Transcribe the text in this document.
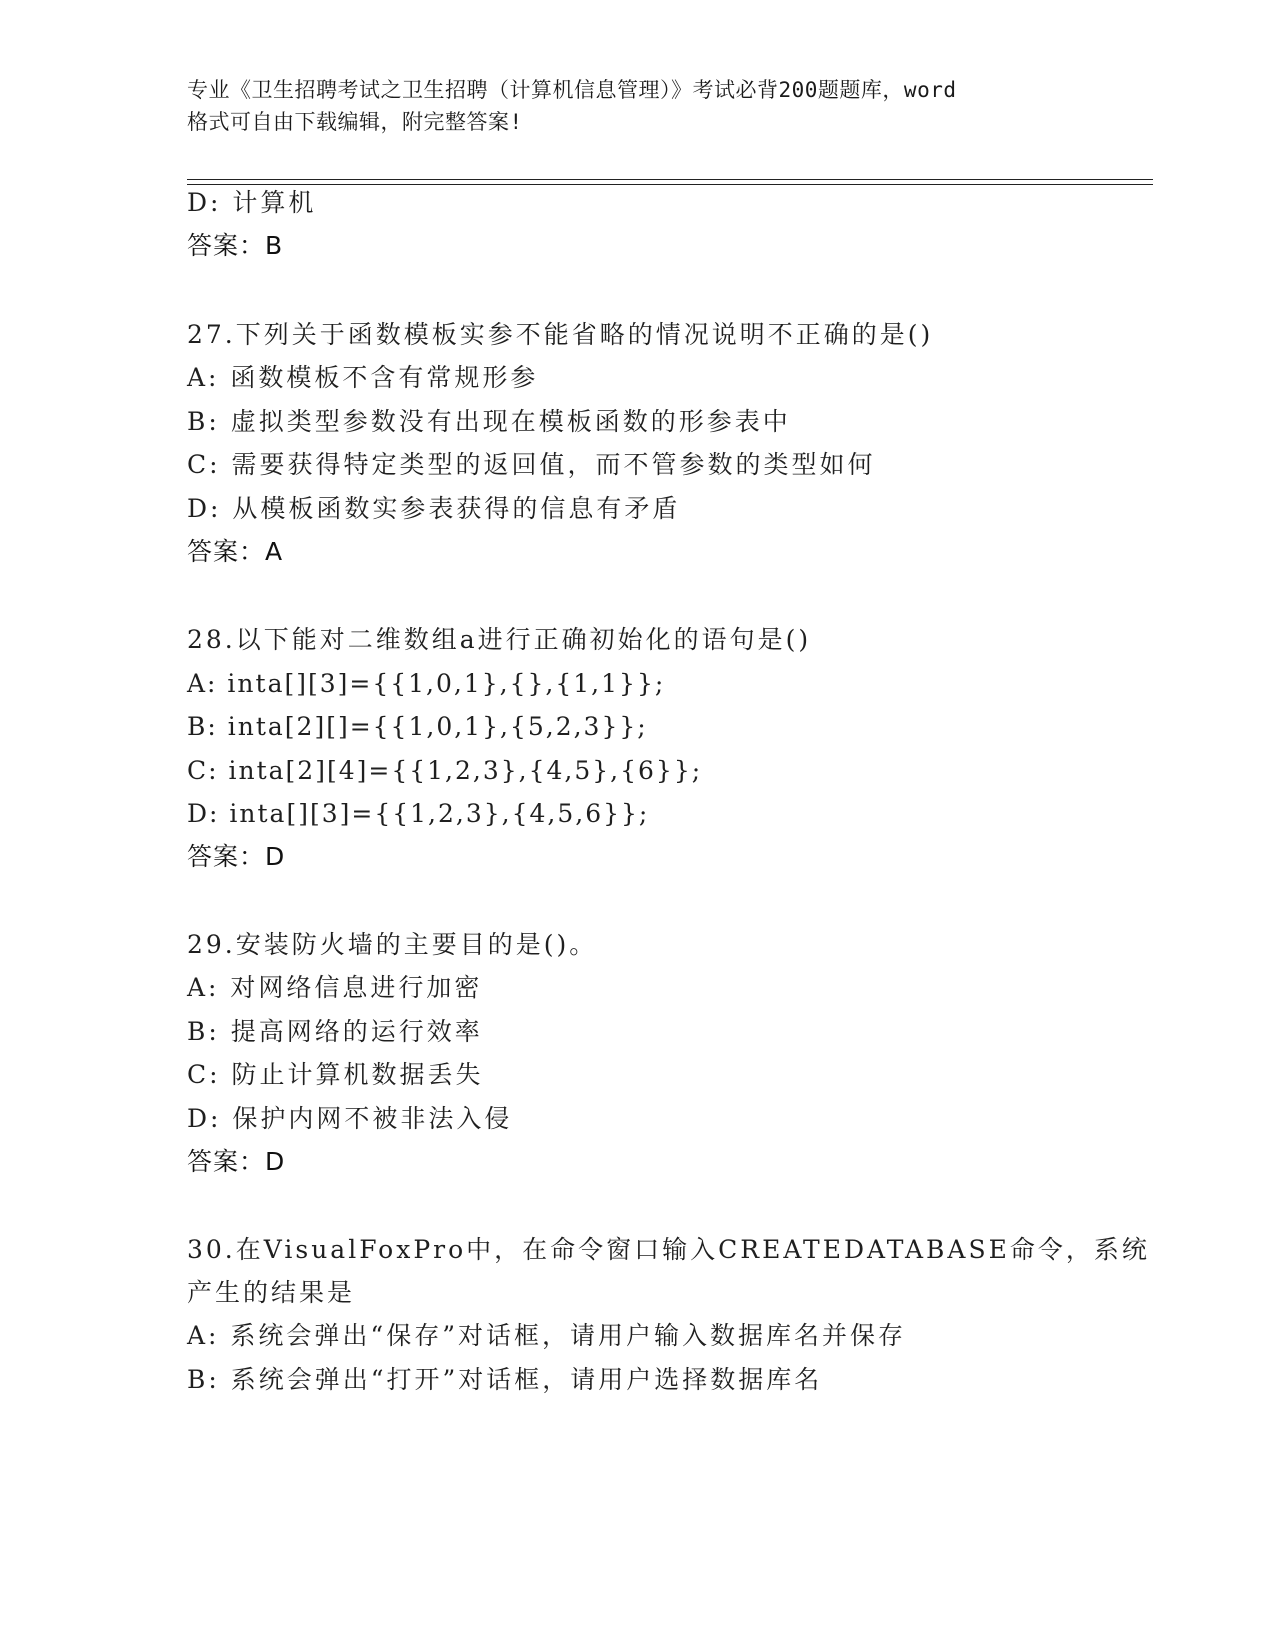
专业《卫生招聘考试之卫生招聘（计算机信息管理）》考试必背200题题库，word
格式可自由下载编辑，附完整答案!
D: 计算机
答案：B
27.下列关于函数模板实参不能省略的情况说明不正确的是()
A: 函数模板不含有常规形参
B: 虚拟类型参数没有出现在模板函数的形参表中
C: 需要获得特定类型的返回值，而不管参数的类型如何
D: 从模板函数实参表获得的信息有矛盾
答案：A
28.以下能对二维数组a进行正确初始化的语句是()
A: inta[][3]={{1,0,1},{},{1,1}};
B: inta[2][]={{1,0,1},{5,2,3}};
C: inta[2][4]={{1,2,3},{4,5},{6}};
D: inta[][3]={{1,2,3},{4,5,6}};
答案：D
29.安装防火墙的主要目的是()。
A: 对网络信息进行加密
B: 提高网络的运行效率
C: 防止计算机数据丢失
D: 保护内网不被非法入侵
答案：D
30.在VisualFoxPro中，在命令窗口输入CREATEDATABASE命令，系统
产生的结果是
A: 系统会弹出“保存”对话框，请用户输入数据库名并保存
B: 系统会弹出“打开”对话框，请用户选择数据库名
